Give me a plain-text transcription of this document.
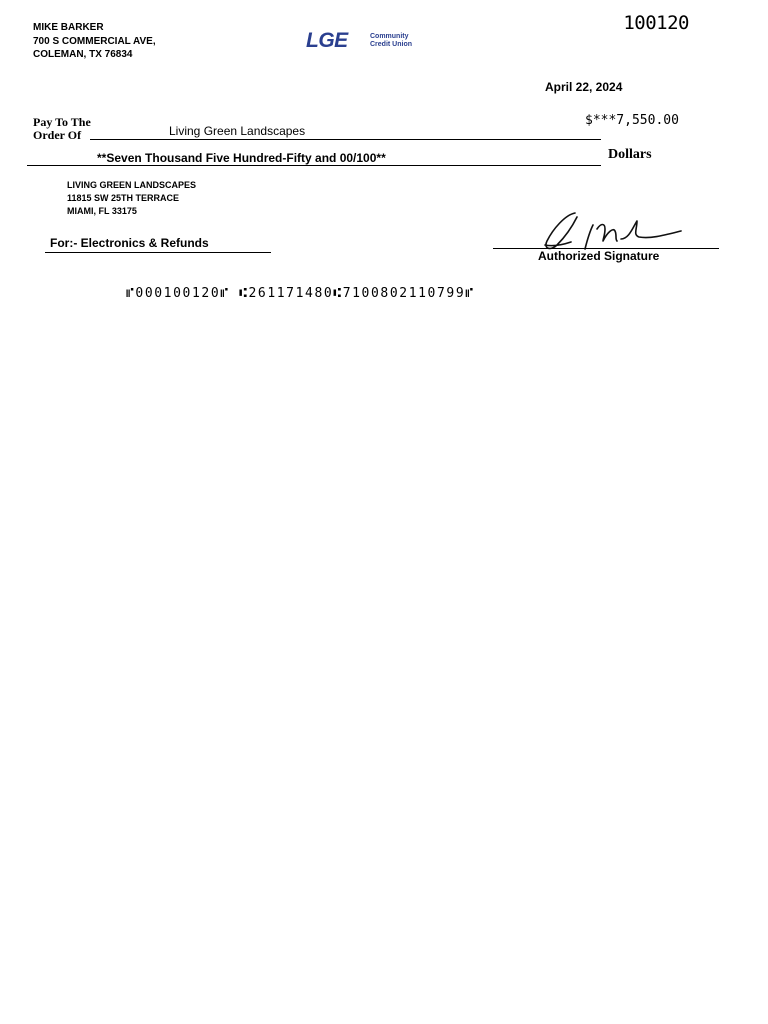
MIKE BARKER
700 S COMMERCIAL AVE,
COLEMAN, TX 76834
LGE	Community
Credit Union
100120
April 22, 2024
Pay To The
Order Of	Living Green Landscapes
$***7,550.00
**Seven Thousand Five Hundred-Fifty and 00/100**	Dollars
LIVING GREEN LANDSCAPES
11815 SW 25TH TERRACE
MIAMI, FL 33175
For:- Electronics & Refunds
Authorized Signature
⑈000100120⑈ ⑆261171480⑆7100802110799⑈
